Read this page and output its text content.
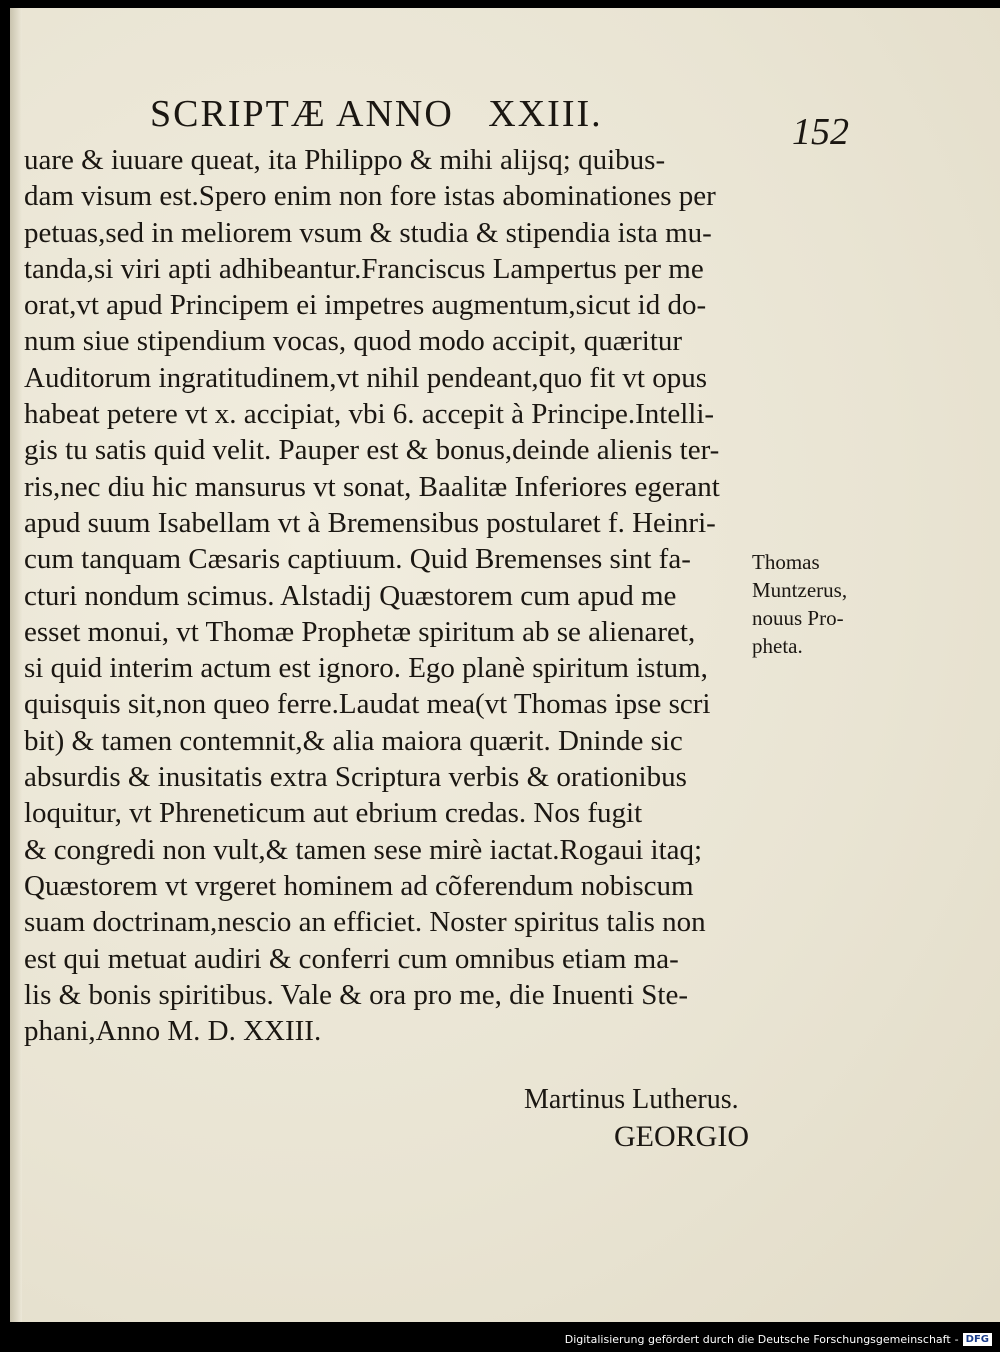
SCRIPTÆ ANNO   XXIII.	152
uare & iuuare queat, ita Philippo & mihi alijsq; quibus-
dam visum est.Spero enim non fore istas abominationes per
petuas,sed in meliorem vsum & studia & stipendia ista mu-
tanda,si viri apti adhibeantur.Franciscus Lampertus per me
orat,vt apud Principem ei impetres augmentum,sicut id do-
num siue stipendium vocas, quod modo accipit, quæritur
Auditorum ingratitudinem,vt nihil pendeant,quo fit vt opus
habeat petere vt x. accipiat, vbi 6. accepit à Principe.Intelli-
gis tu satis quid velit. Pauper est & bonus,deinde alienis ter-
ris,nec diu hic mansurus vt sonat, Baalitæ Inferiores egerant
apud suum Isabellam vt à Bremensibus postularet f. Heinri-
cum tanquam Cæsaris captiuum. Quid Bremenses sint fa-
cturi nondum scimus. Alstadij Quæstorem cum apud me
esset monui, vt Thomæ Prophetæ spiritum ab se alienaret,
si quid interim actum est ignoro. Ego planè spiritum istum,
quisquis sit,non queo ferre.Laudat mea(vt Thomas ipse scri
bit) & tamen contemnit,& alia maiora quærit. Dninde sic
absurdis & inusitatis extra Scriptura verbis & orationibus
loquitur, vt Phreneticum aut ebrium credas. Nos fugit
& congredi non vult,& tamen sese mirè iactat.Rogaui itaq;
Quæstorem vt vrgeret hominem ad cõferendum nobiscum
suam doctrinam,nescio an efficiet. Noster spiritus talis non
est qui metuat audiri & conferri cum omnibus etiam ma-
lis & bonis spiritibus. Vale & ora pro me, die Inuenti Ste-
phani,Anno M. D. XXIII.
Thomas
Muntzerus,
nouus Pro-
pheta.
Martinus Lutherus.
GEORGIO
Digitalisierung gefördert durch die Deutsche Forschungsgemeinschaft - DFG
